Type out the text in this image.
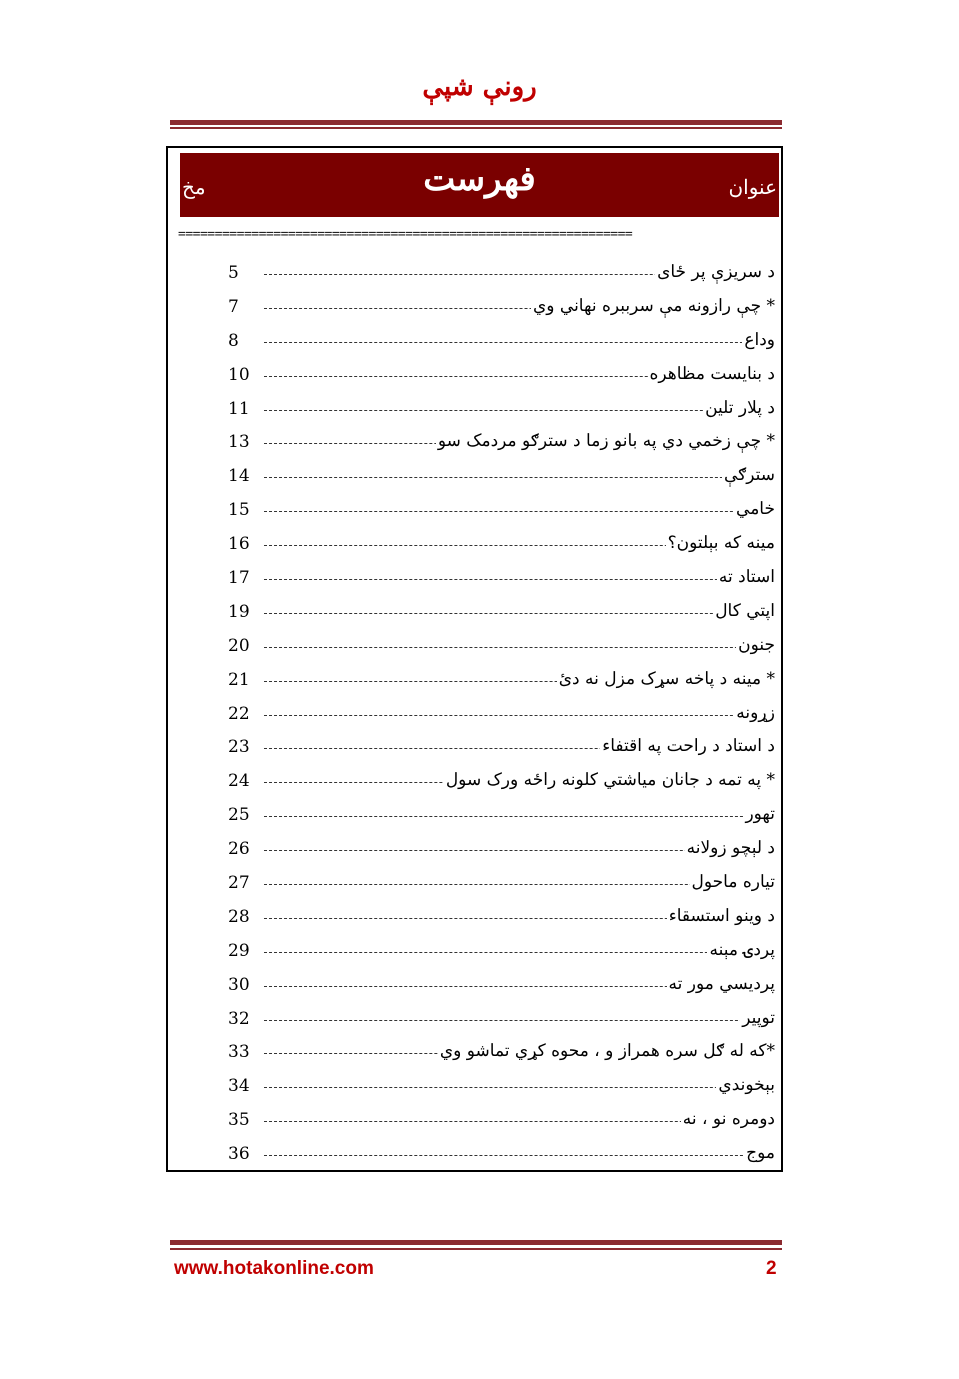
رونې شپې
عنوان
فهرست
مخ
==============================================================
د سریزې پر ځای
5
* چې رازونه مې سرببره نهاني وي
7
وداع
8
د بنایست مظاهره
10
د پلار تلین
11
* چې زخمي دي په بانو زما د سترګو مردمک سو
13
سترګې
14
خامي
15
مینه که بېلتون؟
16
استاد ته
17
اپتي کال
19
جنون
20
* مینه د پاخه سړک مزل نه دئ
21
زړونه
22
د استاد د راحت په اقتفاء
23
* په تمه د جانان میاشتي کلونه راځه ورک سول
24
تهور
25
د لېچو زولانه
26
تیاره ماحول
27
د وینو استسقاء
28
پردۍ مېنه
29
پردیسي مور ته
30
توپیر
32
*که له ګل سره همراز و ، محوه کړي تماشو وي
33
بېخوندي
34
دومره نو ، نه
35
موج
36
www.hotakonline.com	2
